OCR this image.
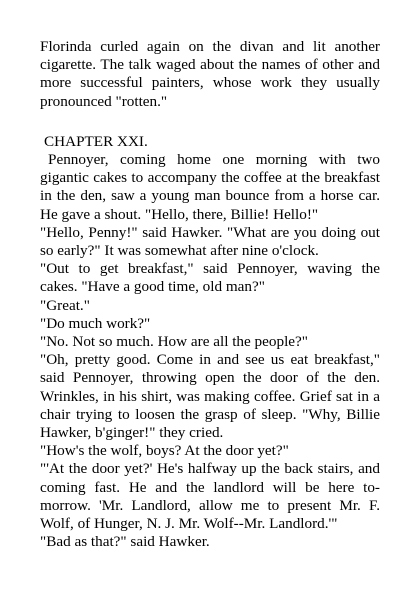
Florinda curled again on the divan and lit another cigarette. The talk waged about the names of other and more successful painters, whose work they usually pronounced "rotten."

CHAPTER XXI.

Pennoyer, coming home one morning with two gigantic cakes to accompany the coffee at the breakfast in the den, saw a young man bounce from a horse car. He gave a shout. "Hello, there, Billie! Hello!"

"Hello, Penny!" said Hawker. "What are you doing out so early?" It was somewhat after nine o'clock.

"Out to get breakfast," said Pennoyer, waving the cakes. "Have a good time, old man?"

"Great."

"Do much work?"

"No. Not so much. How are all the people?"

"Oh, pretty good. Come in and see us eat breakfast," said Pennoyer, throwing open the door of the den. Wrinkles, in his shirt, was making coffee. Grief sat in a chair trying to loosen the grasp of sleep. "Why, Billie Hawker, b'ginger!" they cried.

"How's the wolf, boys? At the door yet?"

"'At the door yet?' He's halfway up the back stairs, and coming fast. He and the landlord will be here to-morrow. 'Mr. Landlord, allow me to present Mr. F. Wolf, of Hunger, N. J. Mr. Wolf--Mr. Landlord.'"

"Bad as that?" said Hawker.
